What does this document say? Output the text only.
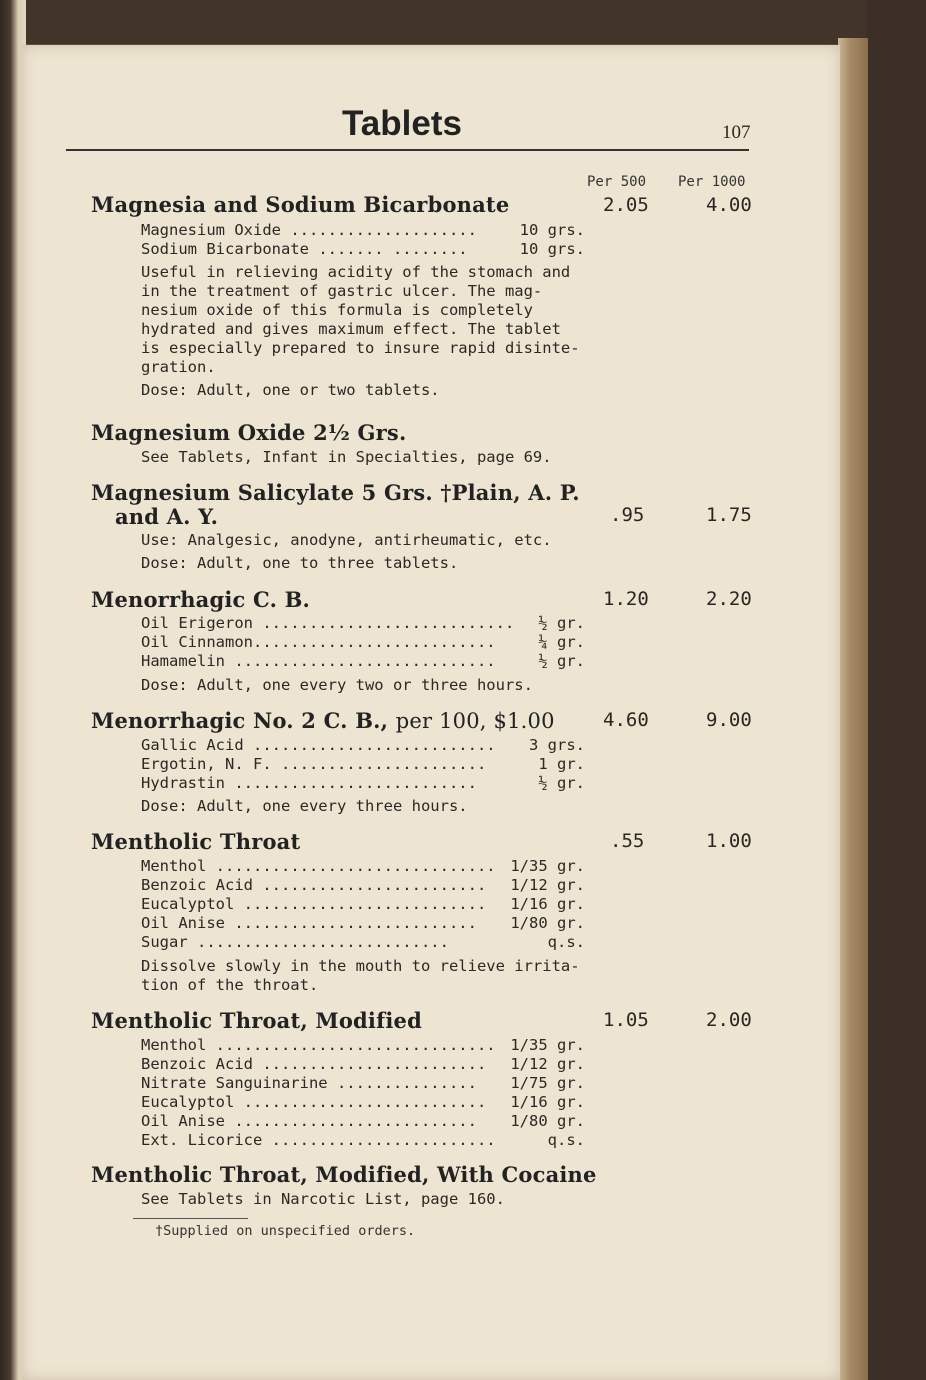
Tablets	107
Per 500 Per 1000
Magnesia and Sodium Bicarbonate	2.05	4.00
Magnesium Oxide ....................	10 grs.
Sodium Bicarbonate ....... ........	10 grs.
Useful in relieving acidity of the stomach and
in the treatment of gastric ulcer. The mag-
nesium oxide of this formula is completely
hydrated and gives maximum effect. The tablet
is especially prepared to insure rapid disinte-
gration.
Dose: Adult, one or two tablets.
Magnesium Oxide 2½ Grs.
See Tablets, Infant in Specialties, page 69.
Magnesium Salicylate 5 Grs. †Plain, A. P.
and A. Y.	.95	1.75
Use: Analgesic, anodyne, antirheumatic, etc.
Dose: Adult, one to three tablets.
Menorrhagic C. B.	1.20	2.20
Oil Erigeron ........................... ½ gr.
Oil Cinnamon..........................	¼ gr.
Hamamelin ............................	½ gr.
Dose: Adult, one every two or three hours.
Menorrhagic No. 2 C. B., per 100, $1.00	4.60	9.00
Gallic Acid .......................... 3 grs.
Ergotin, N. F. ......................	1 gr.
Hydrastin ..........................	½ gr.
Dose: Adult, one every three hours.
Mentholic Throat	.55	1.00
Menthol .............................. 1/35 gr.
Benzoic Acid ........................ 1/12 gr.
Eucalyptol .......................... 1/16 gr.
Oil Anise .......................... 1/80 gr.
Sugar ...........................	q.s.
Dissolve slowly in the mouth to relieve irrita-
tion of the throat.
Mentholic Throat, Modified	1.05	2.00
Menthol .............................. 1/35 gr.
Benzoic Acid ........................ 1/12 gr.
Nitrate Sanguinarine ............... 1/75 gr.
Eucalyptol .......................... 1/16 gr.
Oil Anise .......................... 1/80 gr.
Ext. Licorice ........................	q.s.
Mentholic Throat, Modified, With Cocaine
See Tablets in Narcotic List, page 160.
†Supplied on unspecified orders.
